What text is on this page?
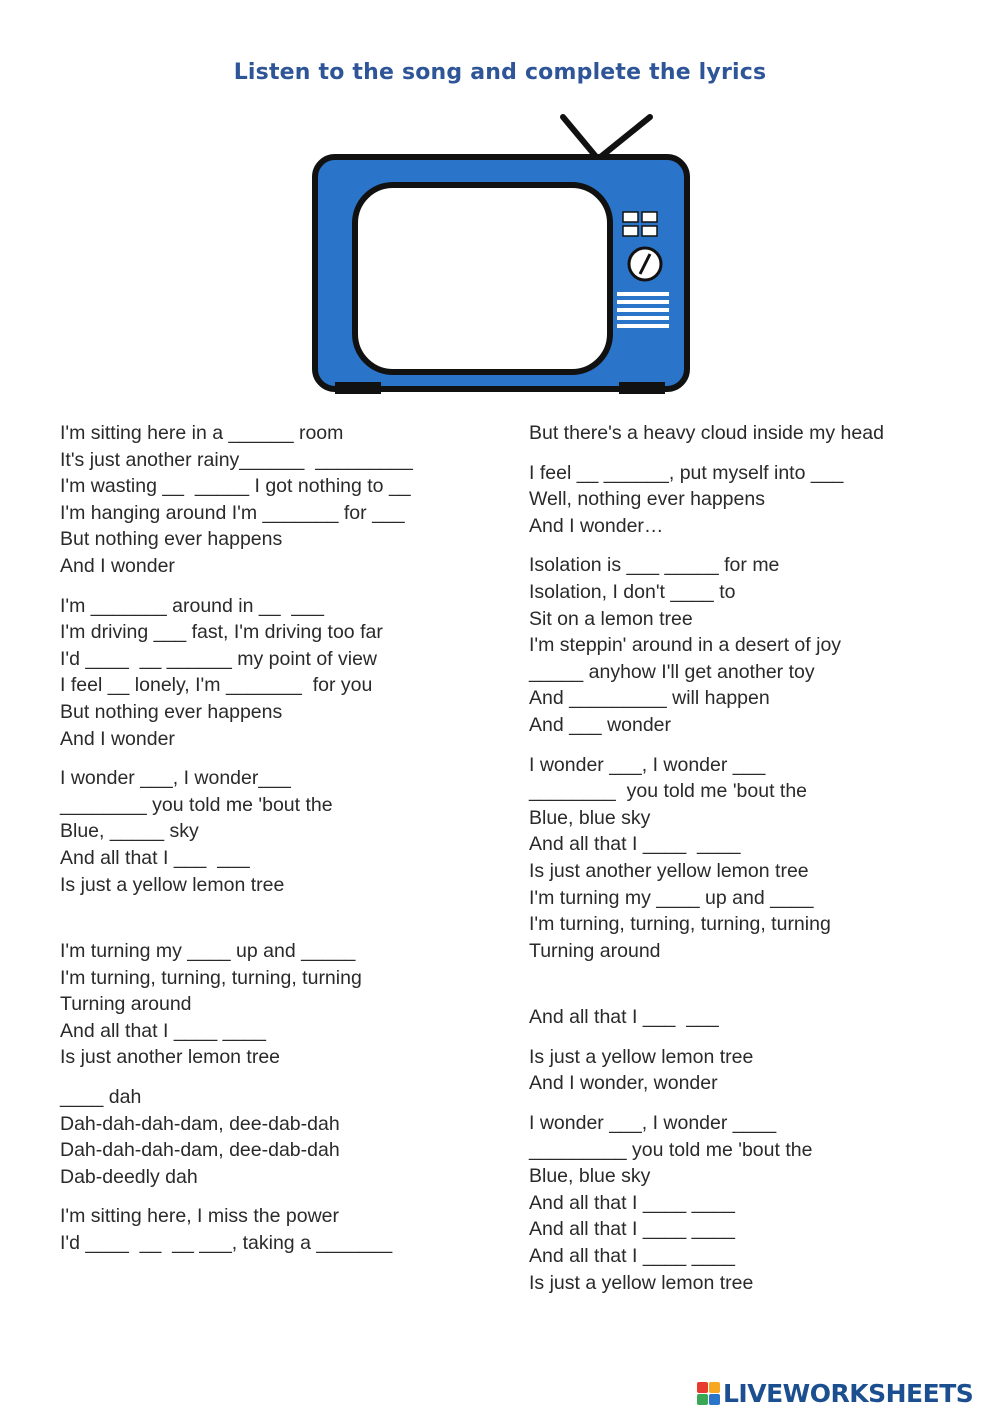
Listen to the song and complete the lyrics
I'm sitting here in a ______ room
It's just another rainy______  _________
I'm wasting __  _____ I got nothing to __
I'm hanging around I'm _______ for ___
But nothing ever happens
And I wonder
I'm _______ around in __  ___
I'm driving ___ fast, I'm driving too far
I'd ____  __ ______ my point of view
I feel __ lonely, I'm _______  for you
But nothing ever happens
And I wonder
I wonder ___, I wonder___
________ you told me 'bout the
Blue, _____ sky
And all that I ___  ___
Is just a yellow lemon tree
I'm turning my ____ up and _____
I'm turning, turning, turning, turning
Turning around
And all that I ____ ____
Is just another lemon tree
____ dah
Dah-dah-dah-dam, dee-dab-dah
Dah-dah-dah-dam, dee-dab-dah
Dab-deedly dah
I'm sitting here, I miss the power
I'd ____  __  __ ___, taking a _______
But there's a heavy cloud inside my head
I feel __ ______, put myself into ___
Well, nothing ever happens
And I wonder…
Isolation is ___ _____ for me
Isolation, I don't ____ to
Sit on a lemon tree
I'm steppin' around in a desert of joy
_____ anyhow I'll get another toy
And _________ will happen
And ___ wonder
I wonder ___, I wonder ___
________  you told me 'bout the
Blue, blue sky
And all that I ____  ____
Is just another yellow lemon tree
I'm turning my ____ up and ____
I'm turning, turning, turning, turning
Turning around
And all that I ___  ___
Is just a yellow lemon tree
And I wonder, wonder
I wonder ___, I wonder ____
_________ you told me 'bout the
Blue, blue sky
And all that I ____ ____
And all that I ____ ____
And all that I ____ ____
Is just a yellow lemon tree
LIVEWORKSHEETS
